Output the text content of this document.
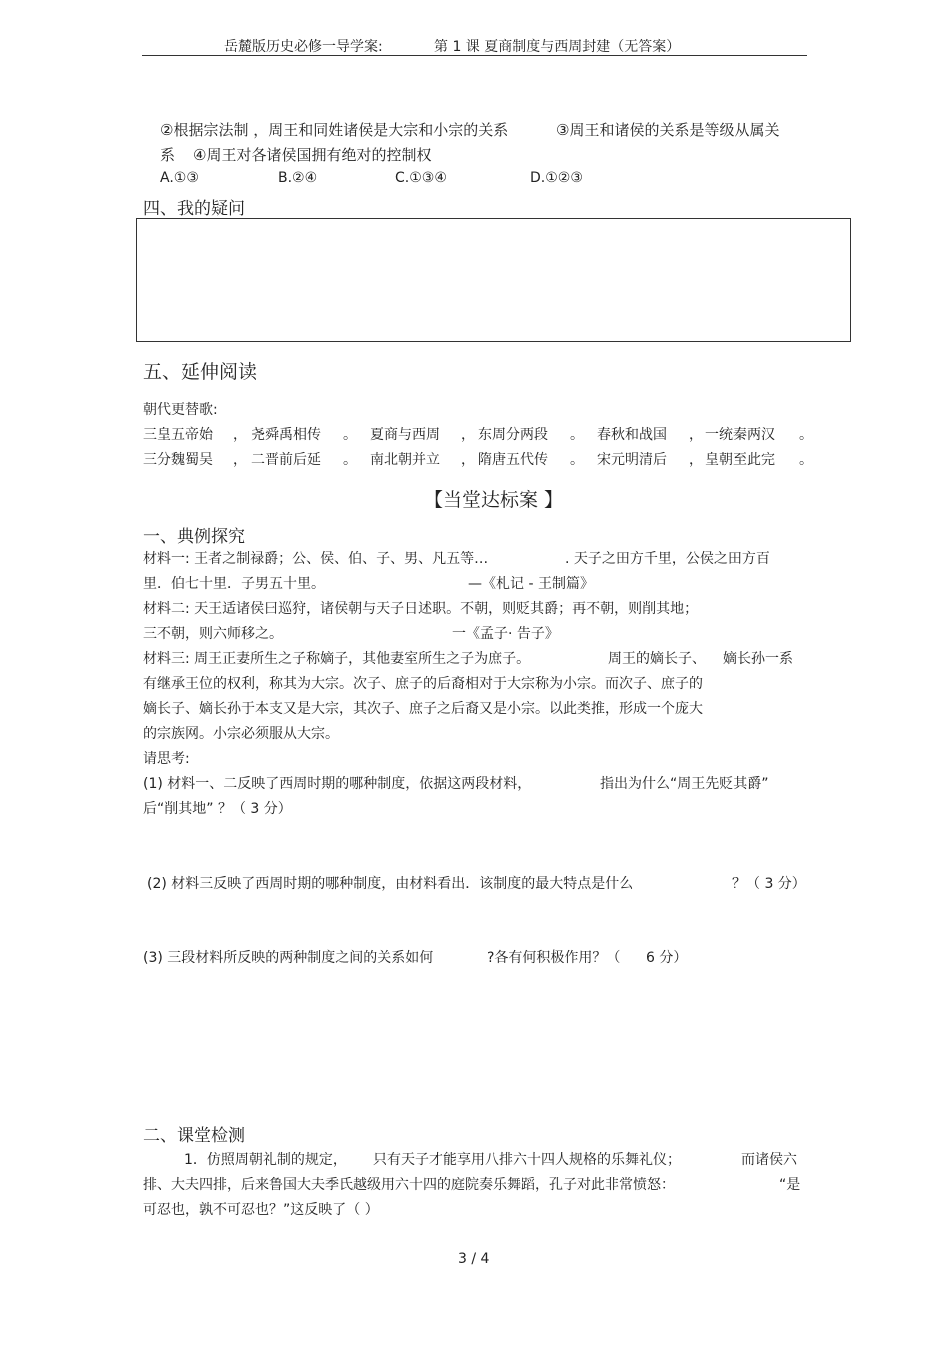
岳麓版历史必修一导学案:	第 1 课 夏商制度与西周封建（无答案）
②根据宗法制 ，周王和同姓诸侯是大宗和小宗的关系	③周王和诸侯的关系是等级从属关
系 ④周王对各诸侯国拥有绝对的控制权
A.①③	B.②④	C.①③④	D.①②③
四、我的疑问
五、延伸阅读
朝代更替歌:
三皇五帝始 ， 尧舜禹相传 。 夏商与西周 ， 东周分两段 。 春秋和战国 ， 一统秦两汉 。
三分魏蜀吴 ， 二晋前后延 。 南北朝并立 ， 隋唐五代传 。 宋元明清后 ， 皇朝至此完 。
【当堂达标案 】
一、典例探究
材料一: 王者之制禄爵；公、侯、伯、子、男、凡五等…	. 天子之田方千里，公侯之田方百
里．伯七十里．子男五十里。	—《札记 - 王制篇》
材料二: 天王适诸侯曰巡狩，诸侯朝与天子日述职。不朝，则贬其爵；再不朝，则削其地；
三不朝，则六师移之。	一《孟子· 告子》
材料三: 周王正妻所生之子称嫡子，其他妻室所生之子为庶子。	周王的嫡长子、 嫡长孙一系
有继承王位的权利，称其为大宗。次子、庶子的后裔相对于大宗称为小宗。而次子、庶子的
嫡长子、嫡长孙于本支又是大宗，其次子、庶子之后裔又是小宗。以此类推，形成一个庞大
的宗族网。小宗必须服从大宗。
请思考:
(1) 材料一、二反映了西周时期的哪种制度，依据这两段材料，	指出为什么“周王先贬其爵”
后“削其地” ？（ 3 分）
(2) 材料三反映了西周时期的哪种制度，由材料看出．该制度的最大特点是什么	？（ 3 分）
(3) 三段材料所反映的两种制度之间的关系如何	?各有何积极作用？（ 6 分）
二、课堂检测
1．仿照周朝礼制的规定， 只有天子才能享用八排六十四人规格的乐舞礼仪；	而诸侯六
排、大夫四排，后来鲁国大夫季氏越级用六十四的庭院奏乐舞蹈，孔子对此非常愤怒：	“是
可忍也，孰不可忍也？”这反映了（ ）
3 / 4
